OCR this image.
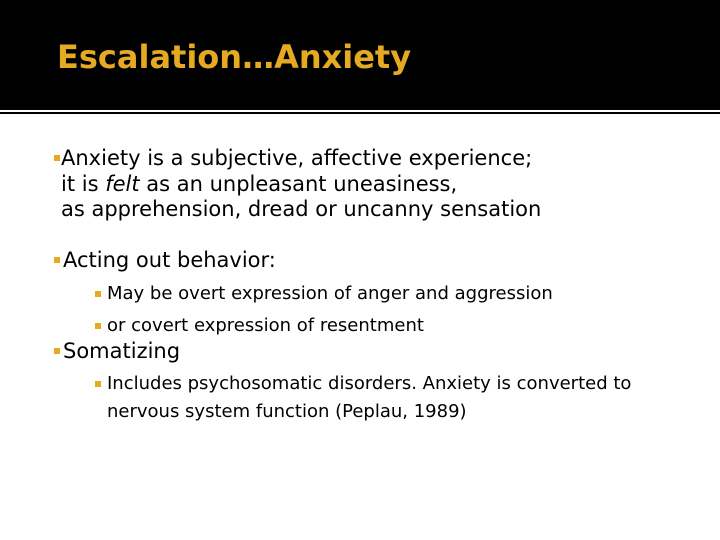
Escalation…Anxiety
Anxiety is a subjective, affective experience;
it is felt as an unpleasant uneasiness,
as apprehension, dread or uncanny sensation
Acting out behavior:
May be overt expression of anger and aggression
or covert expression of resentment
Somatizing
Includes psychosomatic disorders. Anxiety is converted to
nervous system function (Peplau, 1989)
